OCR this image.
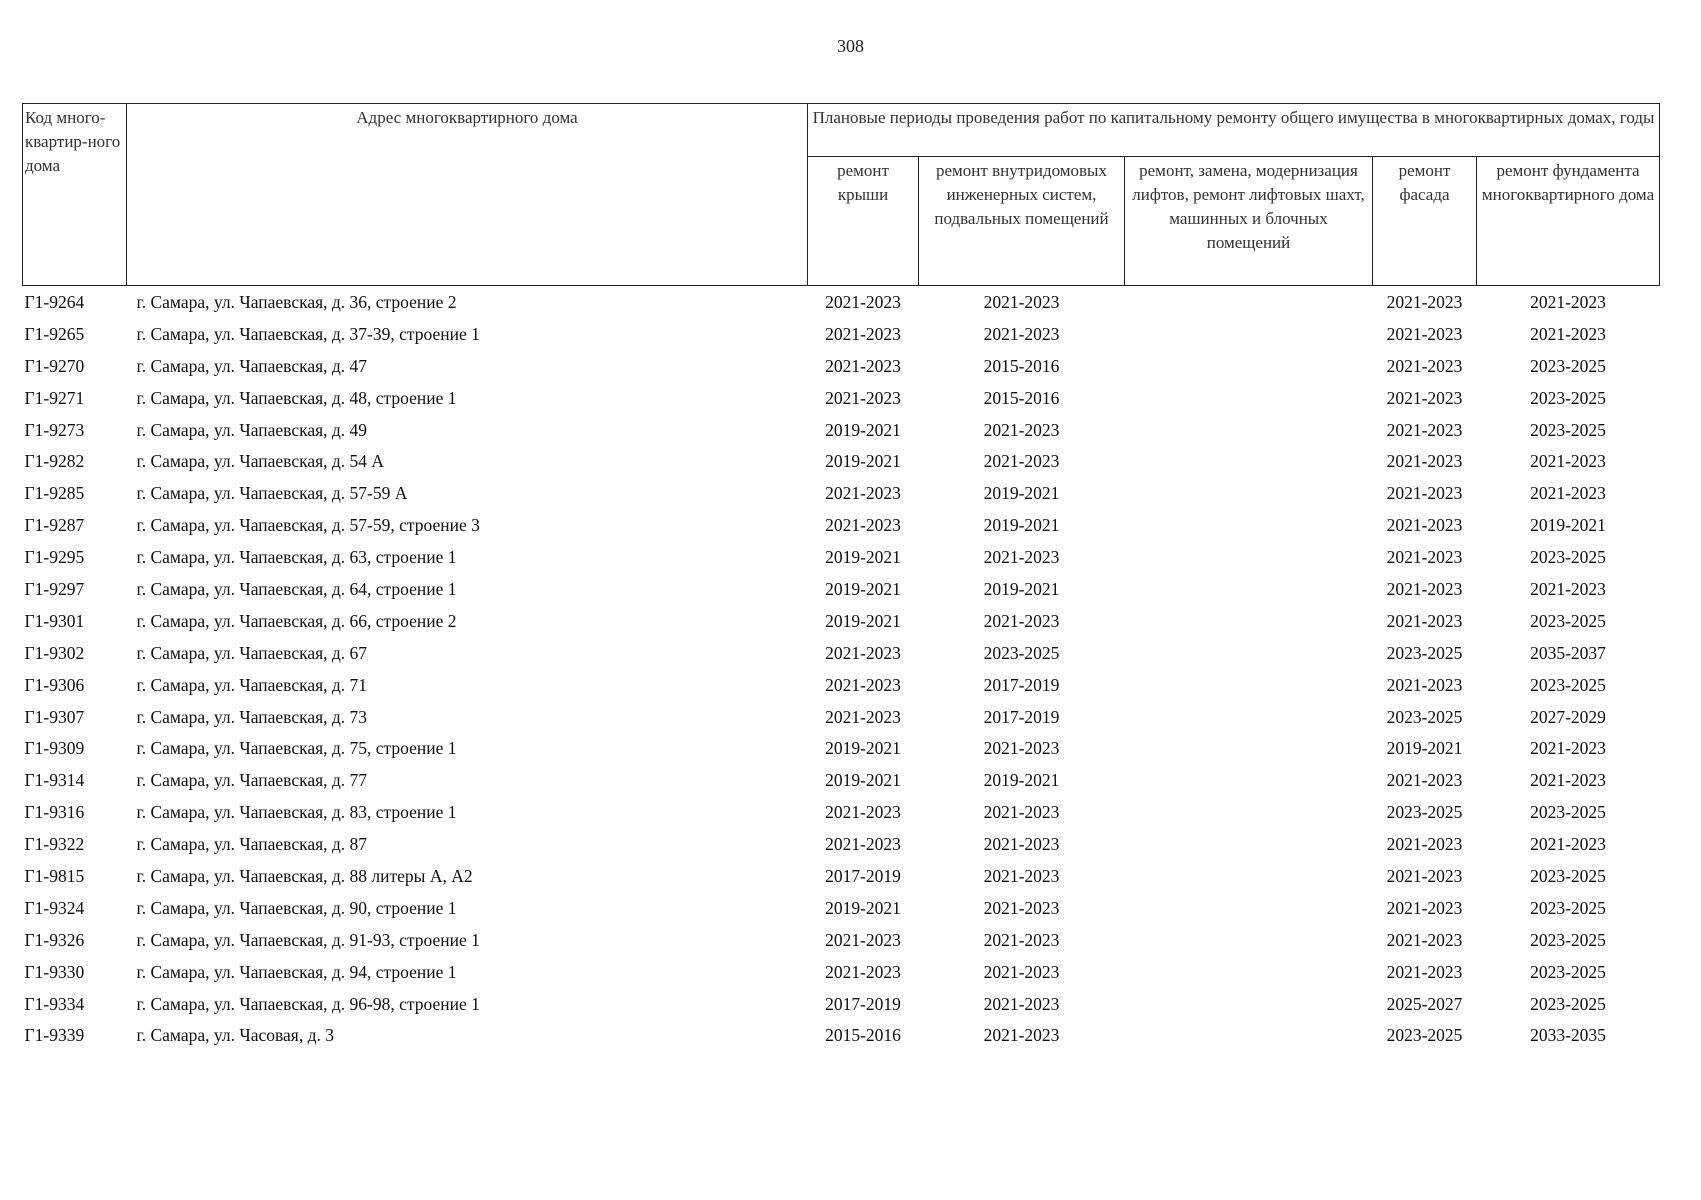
308
Код много-квартир-ного дома	Адрес многоквартирного дома	Плановые периоды проведения работ по капитальному ремонту общего имущества в многоквартирных домах, годы				
		ремонт крыши	ремонт внутридомовых инженерных систем, подвальных помещений	ремонт, замена, модернизация лифтов, ремонт лифтовых шахт, машинных и блочных помещений	ремонт фасада	ремонт фундамента многоквартирного дома
Г1-9264	г. Самара, ул. Чапаевская, д. 36, строение 2	2021-2023	2021-2023		2021-2023	2021-2023
Г1-9265	г. Самара, ул. Чапаевская, д. 37-39, строение 1	2021-2023	2021-2023		2021-2023	2021-2023
Г1-9270	г. Самара, ул. Чапаевская, д. 47	2021-2023	2015-2016		2021-2023	2023-2025
Г1-9271	г. Самара, ул. Чапаевская, д. 48, строение 1	2021-2023	2015-2016		2021-2023	2023-2025
Г1-9273	г. Самара, ул. Чапаевская, д. 49	2019-2021	2021-2023		2021-2023	2023-2025
Г1-9282	г. Самара, ул. Чапаевская, д. 54 А	2019-2021	2021-2023		2021-2023	2021-2023
Г1-9285	г. Самара, ул. Чапаевская, д. 57-59 А	2021-2023	2019-2021		2021-2023	2021-2023
Г1-9287	г. Самара, ул. Чапаевская, д. 57-59, строение 3	2021-2023	2019-2021		2021-2023	2019-2021
Г1-9295	г. Самара, ул. Чапаевская, д. 63, строение 1	2019-2021	2021-2023		2021-2023	2023-2025
Г1-9297	г. Самара, ул. Чапаевская, д. 64, строение 1	2019-2021	2019-2021		2021-2023	2021-2023
Г1-9301	г. Самара, ул. Чапаевская, д. 66, строение 2	2019-2021	2021-2023		2021-2023	2023-2025
Г1-9302	г. Самара, ул. Чапаевская, д. 67	2021-2023	2023-2025		2023-2025	2035-2037
Г1-9306	г. Самара, ул. Чапаевская, д. 71	2021-2023	2017-2019		2021-2023	2023-2025
Г1-9307	г. Самара, ул. Чапаевская, д. 73	2021-2023	2017-2019		2023-2025	2027-2029
Г1-9309	г. Самара, ул. Чапаевская, д. 75, строение 1	2019-2021	2021-2023		2019-2021	2021-2023
Г1-9314	г. Самара, ул. Чапаевская, д. 77	2019-2021	2019-2021		2021-2023	2021-2023
Г1-9316	г. Самара, ул. Чапаевская, д. 83, строение 1	2021-2023	2021-2023		2023-2025	2023-2025
Г1-9322	г. Самара, ул. Чапаевская, д. 87	2021-2023	2021-2023		2021-2023	2021-2023
Г1-9815	г. Самара, ул. Чапаевская, д. 88 литеры А, А2	2017-2019	2021-2023		2021-2023	2023-2025
Г1-9324	г. Самара, ул. Чапаевская, д. 90, строение 1	2019-2021	2021-2023		2021-2023	2023-2025
Г1-9326	г. Самара, ул. Чапаевская, д. 91-93, строение 1	2021-2023	2021-2023		2021-2023	2023-2025
Г1-9330	г. Самара, ул. Чапаевская, д. 94, строение 1	2021-2023	2021-2023		2021-2023	2023-2025
Г1-9334	г. Самара, ул. Чапаевская, д. 96-98, строение 1	2017-2019	2021-2023		2025-2027	2023-2025
Г1-9339	г. Самара, ул. Часовая, д. 3	2015-2016	2021-2023		2023-2025	2033-2035
